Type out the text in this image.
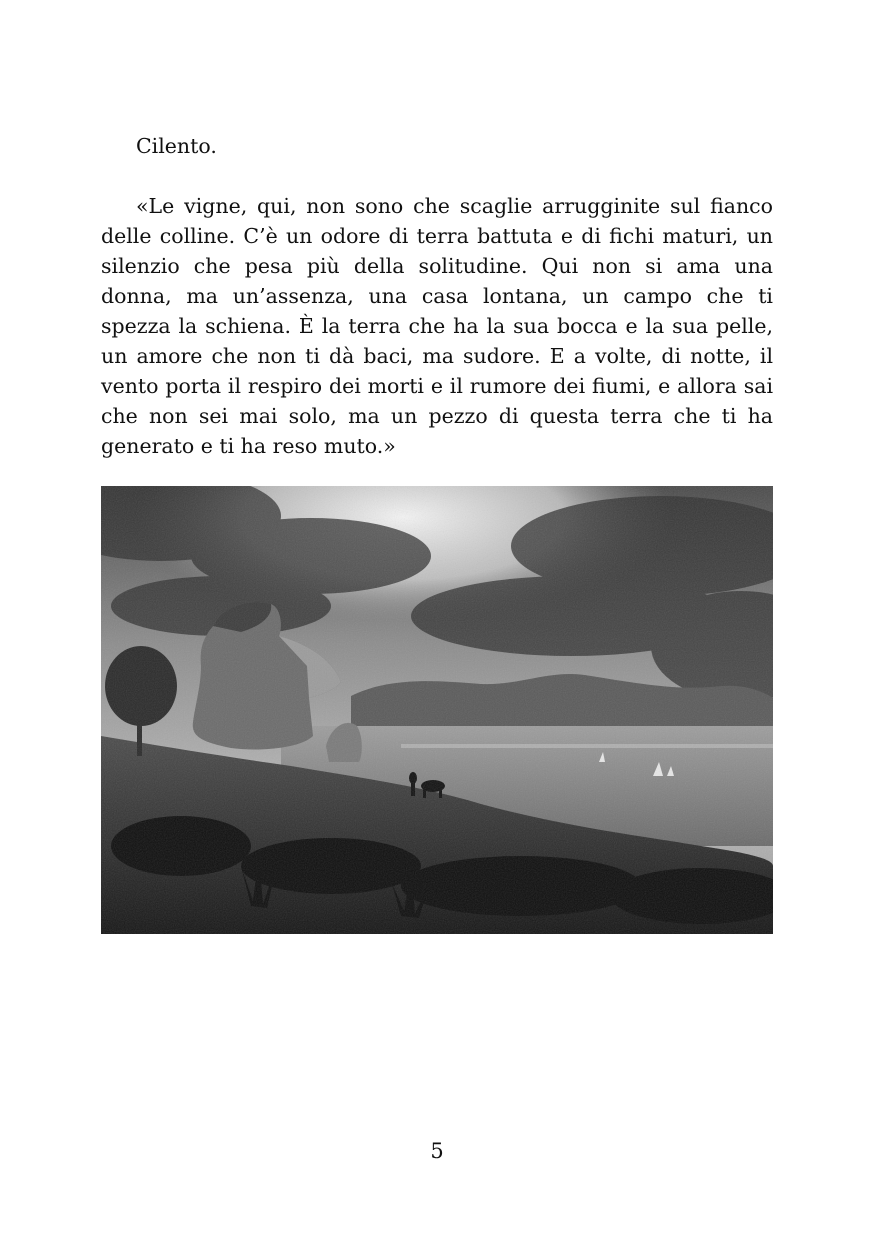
Cilento.

«Le vigne, qui, non sono che scaglie arrugginite sul fianco delle colline. C’è un odore di terra battuta e di fichi maturi, un silenzio che pesa più della solitudine. Qui non si ama una donna, ma un’assenza, una casa lontana, un campo che ti spezza la schiena. È la terra che ha la sua bocca e la sua pelle, un amore che non ti dà baci, ma sudore. E a volte, di notte, il vento porta il respiro dei morti e il rumore dei fiumi, e allora sai che non sei mai solo, ma un pezzo di questa terra che ti ha generato e ti ha reso muto.»

5
